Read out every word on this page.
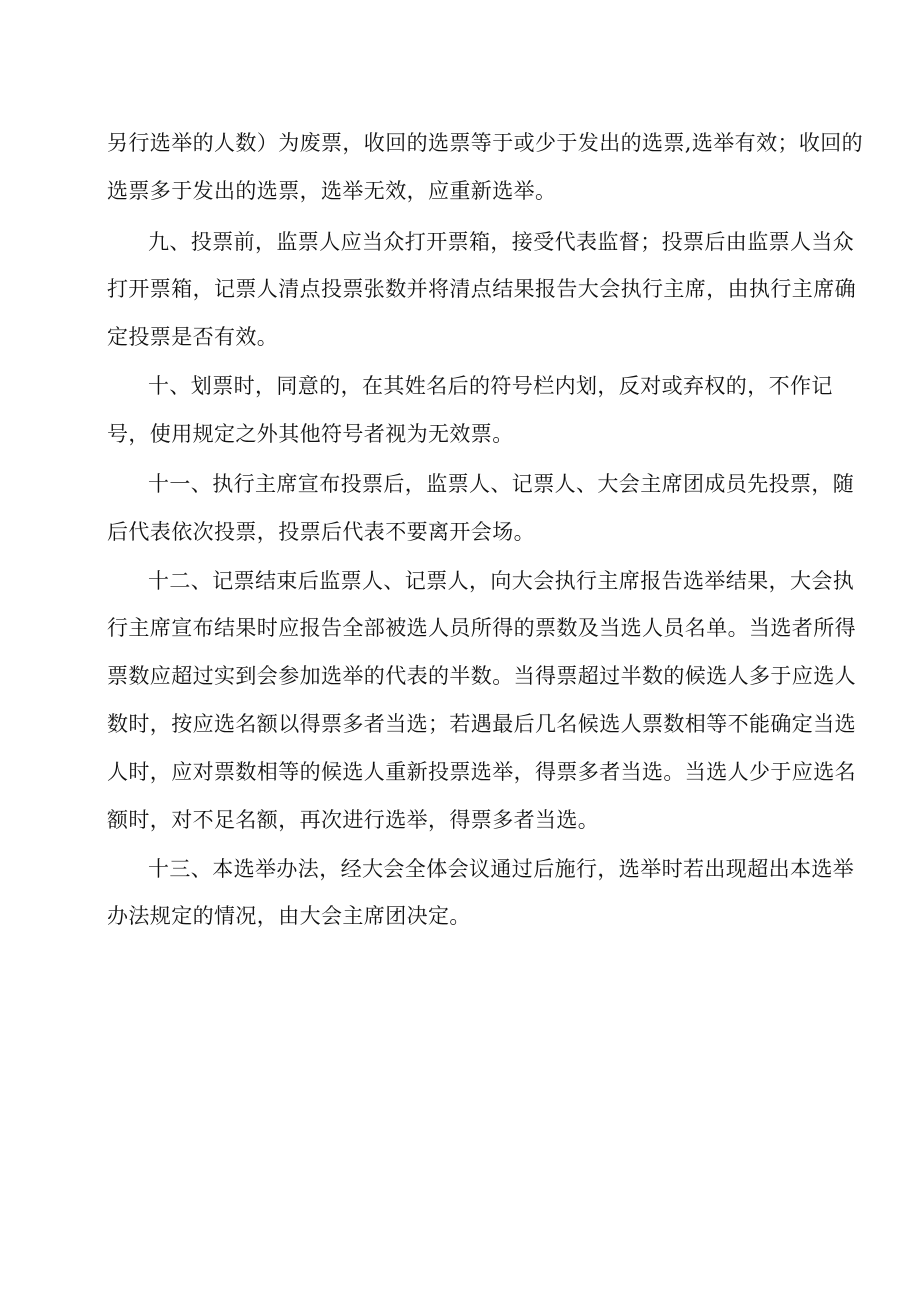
另行选举的人数）为废票，收回的选票等于或少于发出的选票,选举有效；收回的
选票多于发出的选票，选举无效，应重新选举。
九、投票前，监票人应当众打开票箱，接受代表监督；投票后由监票人当众
打开票箱，记票人清点投票张数并将清点结果报告大会执行主席，由执行主席确
定投票是否有效。
十、划票时，同意的，在其姓名后的符号栏内划，反对或弃权的，不作记
号，使用规定之外其他符号者视为无效票。
十一、执行主席宣布投票后，监票人、记票人、大会主席团成员先投票，随
后代表依次投票，投票后代表不要离开会场。
十二、记票结束后监票人、记票人，向大会执行主席报告选举结果，大会执
行主席宣布结果时应报告全部被选人员所得的票数及当选人员名单。当选者所得
票数应超过实到会参加选举的代表的半数。当得票超过半数的候选人多于应选人
数时，按应选名额以得票多者当选；若遇最后几名候选人票数相等不能确定当选
人时，应对票数相等的候选人重新投票选举，得票多者当选。当选人少于应选名
额时，对不足名额，再次进行选举，得票多者当选。
十三、本选举办法，经大会全体会议通过后施行，选举时若出现超出本选举
办法规定的情况，由大会主席团决定。
